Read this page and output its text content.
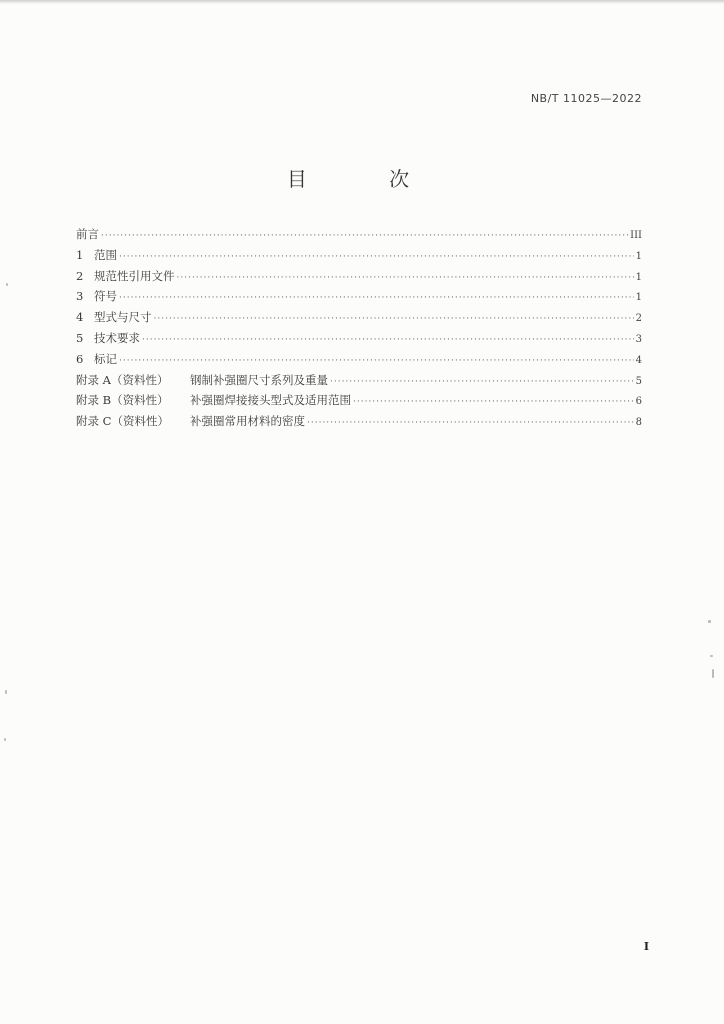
NB/T 11025—2022
目 次
前言 ·····	III
1 范围 ·····	1
2 规范性引用文件 ·····	1
3 符号 ·····	1
4 型式与尺寸 ·····	2
5 技术要求 ·····	3
6 标记 ·····	4
附录 A（资料性）	钢制补强圈尺寸系列及重量 ·····	5
附录 B（资料性）	补强圈焊接接头型式及适用范围 ·····	6
附录 C（资料性）	补强圈常用材料的密度 ·····	8
I
